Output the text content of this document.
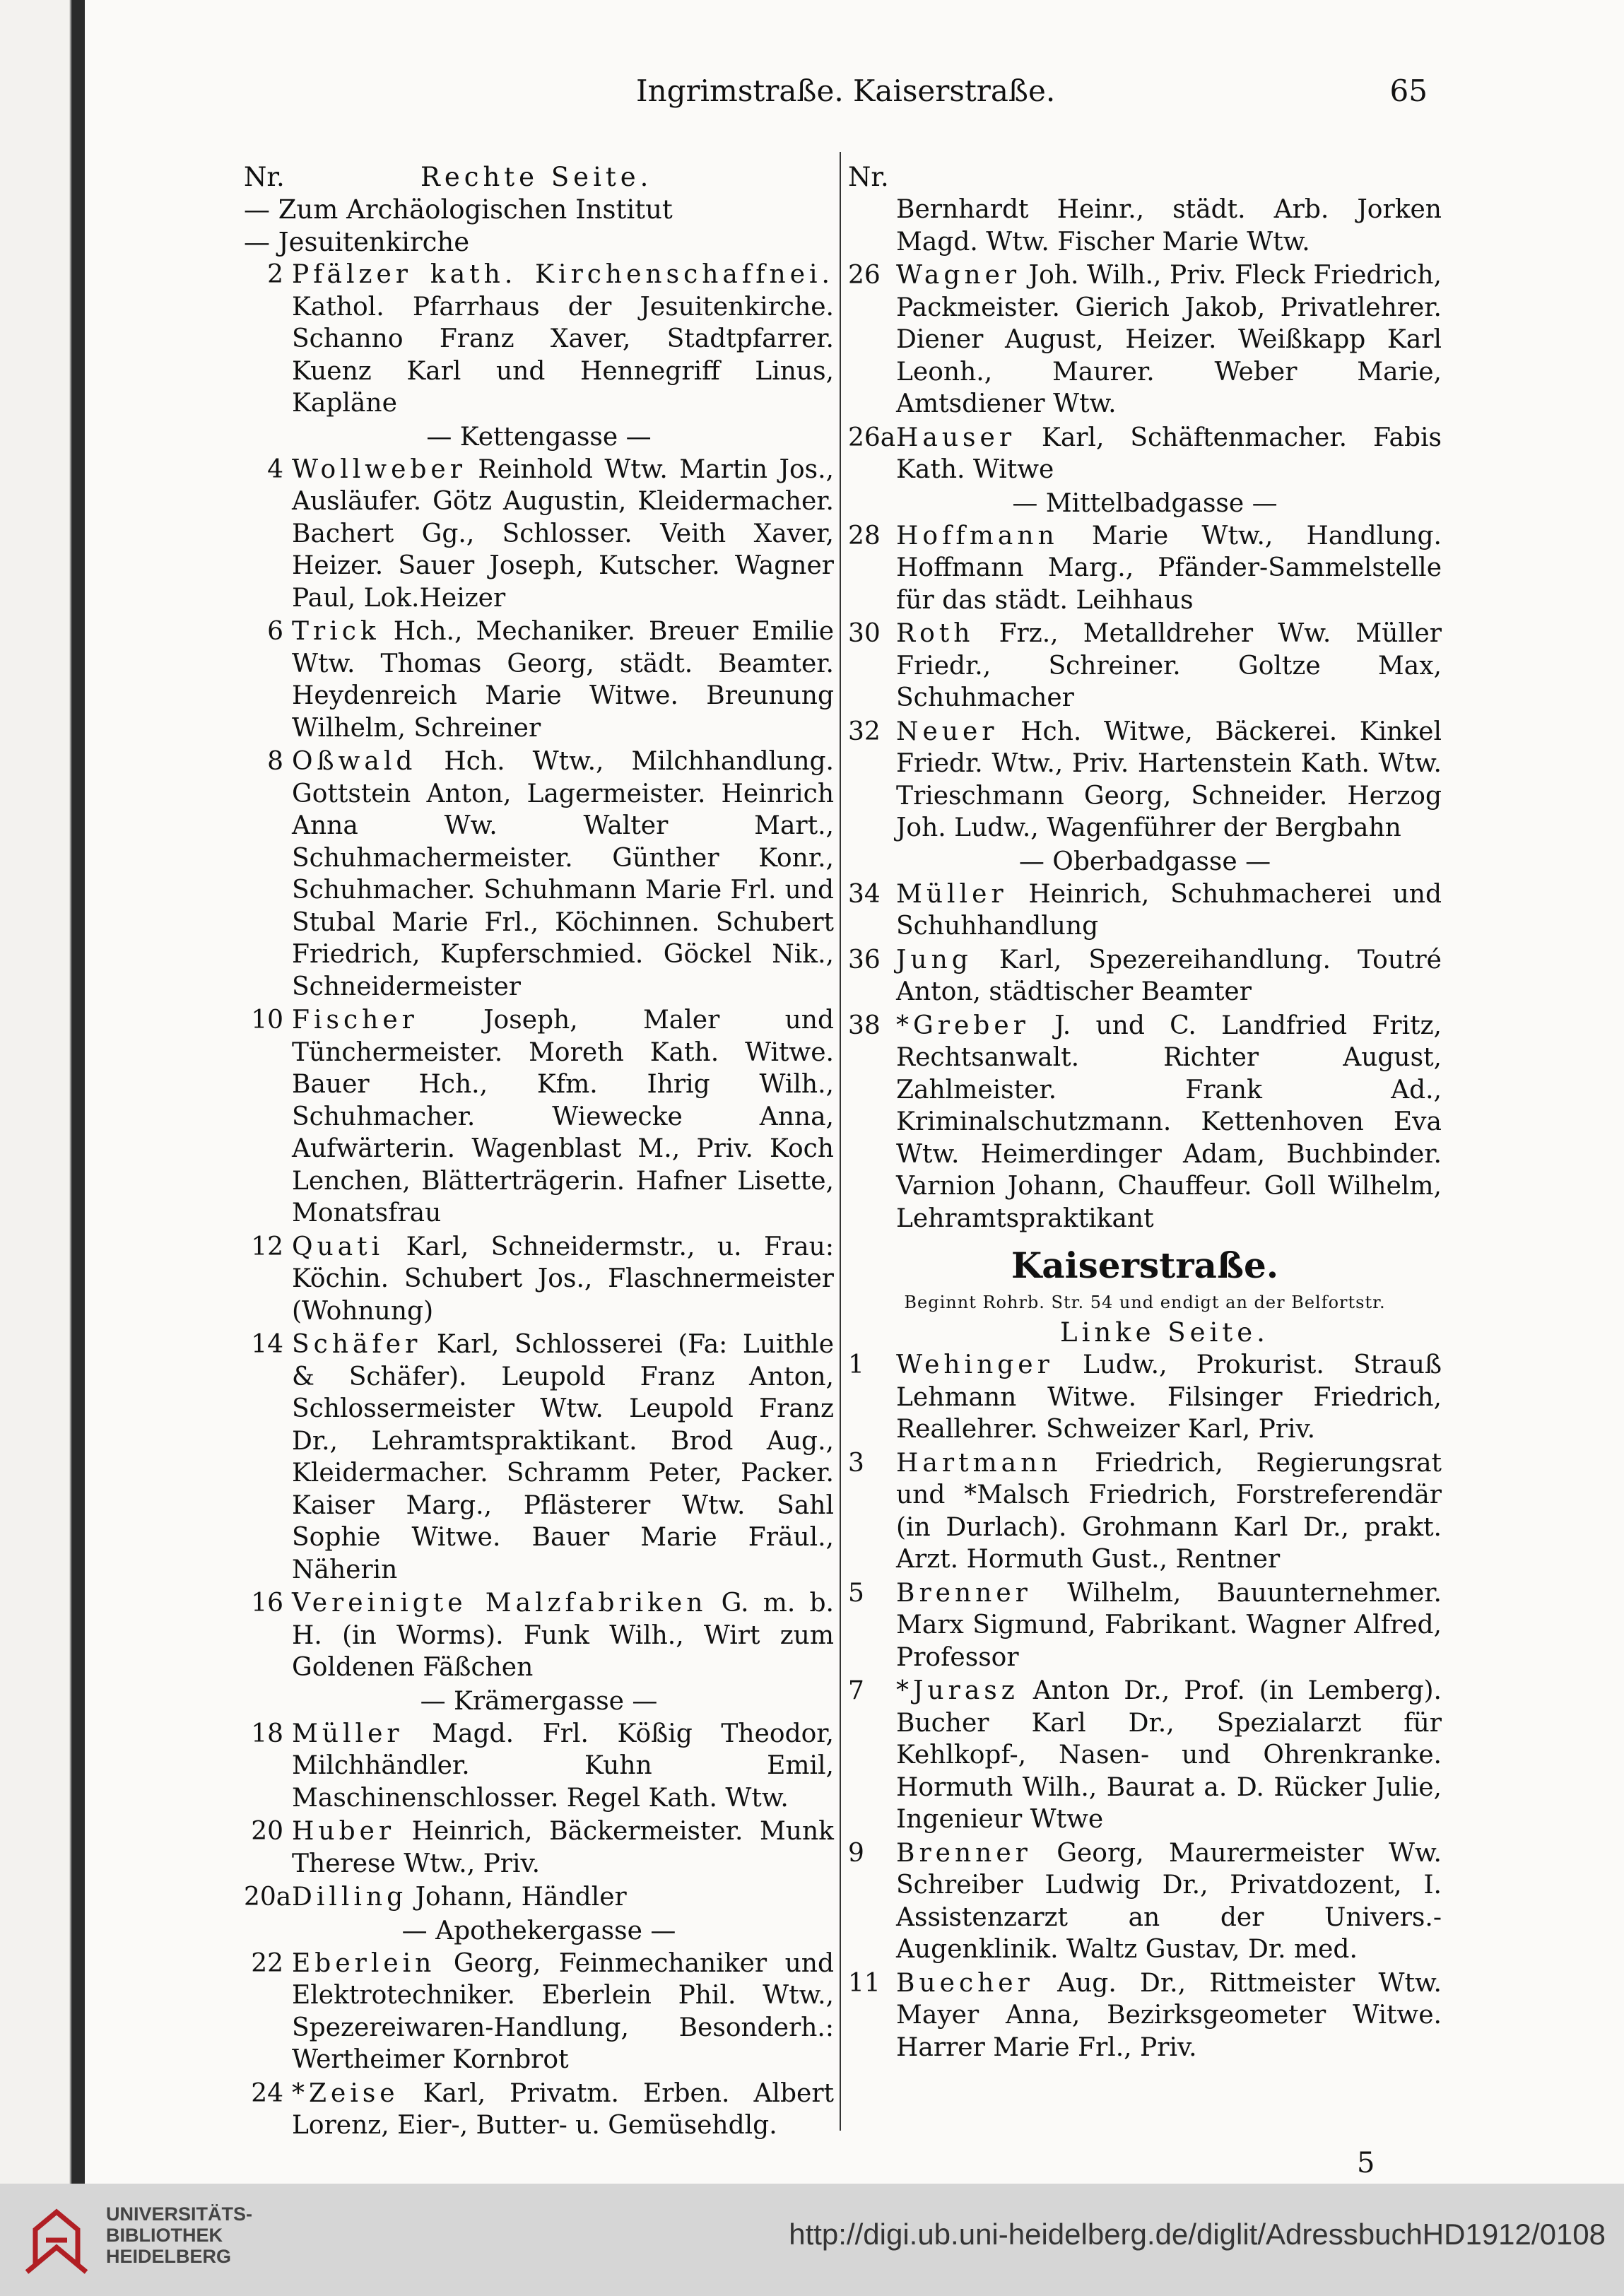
Ingrimstraße. Kaiserstraße.	65
Nr.	Rechte Seite.
— Zum Archäologischen Institut
— Jesuitenkirche
2 Pfälzer kath. Kirchenschaffnei. Kathol. Pfarrhaus der Jesuitenkirche. Schanno Franz Xaver, Stadtpfarrer. Kuenz Karl und Hennegriff Linus, Kapläne
— Kettengasse —
4 Wollweber Reinhold Wtw. Martin Jos., Ausläufer. Götz Augustin, Kleidermacher. Bachert Gg., Schlosser. Veith Xaver, Heizer. Sauer Joseph, Kutscher. Wagner Paul, Lok.Heizer
6 Trick Hch., Mechaniker. Breuer Emilie Wtw. Thomas Georg, städt. Beamter. Heydenreich Marie Witwe. Breunung Wilhelm, Schreiner
8 Oßwald Hch. Wtw., Milchhandlung. Gottstein Anton, Lagermeister. Heinrich Anna Ww. Walter Mart., Schuhmachermeister. Günther Konr., Schuhmacher. Schuhmann Marie Frl. und Stubal Marie Frl., Köchinnen. Schubert Friedrich, Kupferschmied. Göckel Nik., Schneidermeister
10 Fischer Joseph, Maler und Tünchermeister. Moreth Kath. Witwe. Bauer Hch., Kfm. Ihrig Wilh., Schuhmacher. Wiewecke Anna, Aufwärterin. Wagenblast M., Priv. Koch Lenchen, Blätterträgerin. Hafner Lisette, Monatsfrau
12 Quati Karl, Schneidermstr., u. Frau: Köchin. Schubert Jos., Flaschnermeister (Wohnung)
14 Schäfer Karl, Schlosserei (Fa: Luithle & Schäfer). Leupold Franz Anton, Schlossermeister Wtw. Leupold Franz Dr., Lehramtspraktikant. Brod Aug., Kleidermacher. Schramm Peter, Packer. Kaiser Marg., Pflästerer Wtw. Sahl Sophie Witwe. Bauer Marie Fräul., Näherin
16 Vereinigte Malzfabriken G. m. b. H. (in Worms). Funk Wilh., Wirt zum Goldenen Fäßchen
— Krämergasse —
18 Müller Magd. Frl. Kößig Theodor, Milchhändler. Kuhn Emil, Maschinenschlosser. Regel Kath. Wtw.
20 Huber Heinrich, Bäckermeister. Munk Therese Wtw., Priv.
20a Dilling Johann, Händler
— Apothekergasse —
22 Eberlein Georg, Feinmechaniker und Elektrotechniker. Eberlein Phil. Wtw., Spezereiwaren-Handlung, Besonderh.: Wertheimer Kornbrot
24 *Zeise Karl, Privatm. Erben. Albert Lorenz, Eier-, Butter- u. Gemüsehdlg.
Nr.
Bernhardt Heinr., städt. Arb. Jorken Magd. Wtw. Fischer Marie Wtw.
26 Wagner Joh. Wilh., Priv. Fleck Friedrich, Packmeister. Gierich Jakob, Privatlehrer. Diener August, Heizer. Weißkapp Karl Leonh., Maurer. Weber Marie, Amtsdiener Wtw.
26a Hauser Karl, Schäftenmacher. Fabis Kath. Witwe
— Mittelbadgasse —
28 Hoffmann Marie Wtw., Handlung. Hoffmann Marg., Pfänder-Sammelstelle für das städt. Leihhaus
30 Roth Frz., Metalldreher Ww. Müller Friedr., Schreiner. Goltze Max, Schuhmacher
32 Neuer Hch. Witwe, Bäckerei. Kinkel Friedr. Wtw., Priv. Hartenstein Kath. Wtw. Trieschmann Georg, Schneider. Herzog Joh. Ludw., Wagenführer der Bergbahn
— Oberbadgasse —
34 Müller Heinrich, Schuhmacherei und Schuhhandlung
36 Jung Karl, Spezereihandlung. Toutré Anton, städtischer Beamter
38 *Greber J. und C. Landfried Fritz, Rechtsanwalt. Richter August, Zahlmeister. Frank Ad., Kriminalschutzmann. Kettenhoven Eva Wtw. Heimerdinger Adam, Buchbinder. Varnion Johann, Chauffeur. Goll Wilhelm, Lehramtspraktikant
Kaiserstraße.
Beginnt Rohrb. Str. 54 und endigt an der Belfortstr.
Linke Seite.
1	Wehinger Ludw., Prokurist. Strauß Lehmann Witwe. Filsinger Friedrich, Reallehrer. Schweizer Karl, Priv.
3	Hartmann Friedrich, Regierungsrat und *Malsch Friedrich, Forstreferendär (in Durlach). Grohmann Karl Dr., prakt. Arzt. Hormuth Gust., Rentner
5	Brenner Wilhelm, Bauunternehmer. Marx Sigmund, Fabrikant. Wagner Alfred, Professor
7	*Jurasz Anton Dr., Prof. (in Lemberg). Bucher Karl Dr., Spezialarzt für Kehlkopf-, Nasen- und Ohrenkranke. Hormuth Wilh., Baurat a. D. Rücker Julie, Ingenieur Wtwe
9	Brenner Georg, Maurermeister Ww. Schreiber Ludwig Dr., Privatdozent, I. Assistenzarzt an der Univers.-Augenklinik. Waltz Gustav, Dr. med.
11 Buecher Aug. Dr., Rittmeister Wtw. Mayer Anna, Bezirksgeometer Witwe. Harrer Marie Frl., Priv.
5
UNIVERSITÄTS-
BIBLIOTHEK
HEIDELBERG
http://digi.ub.uni-heidelberg.de/diglit/AdressbuchHD1912/0108
